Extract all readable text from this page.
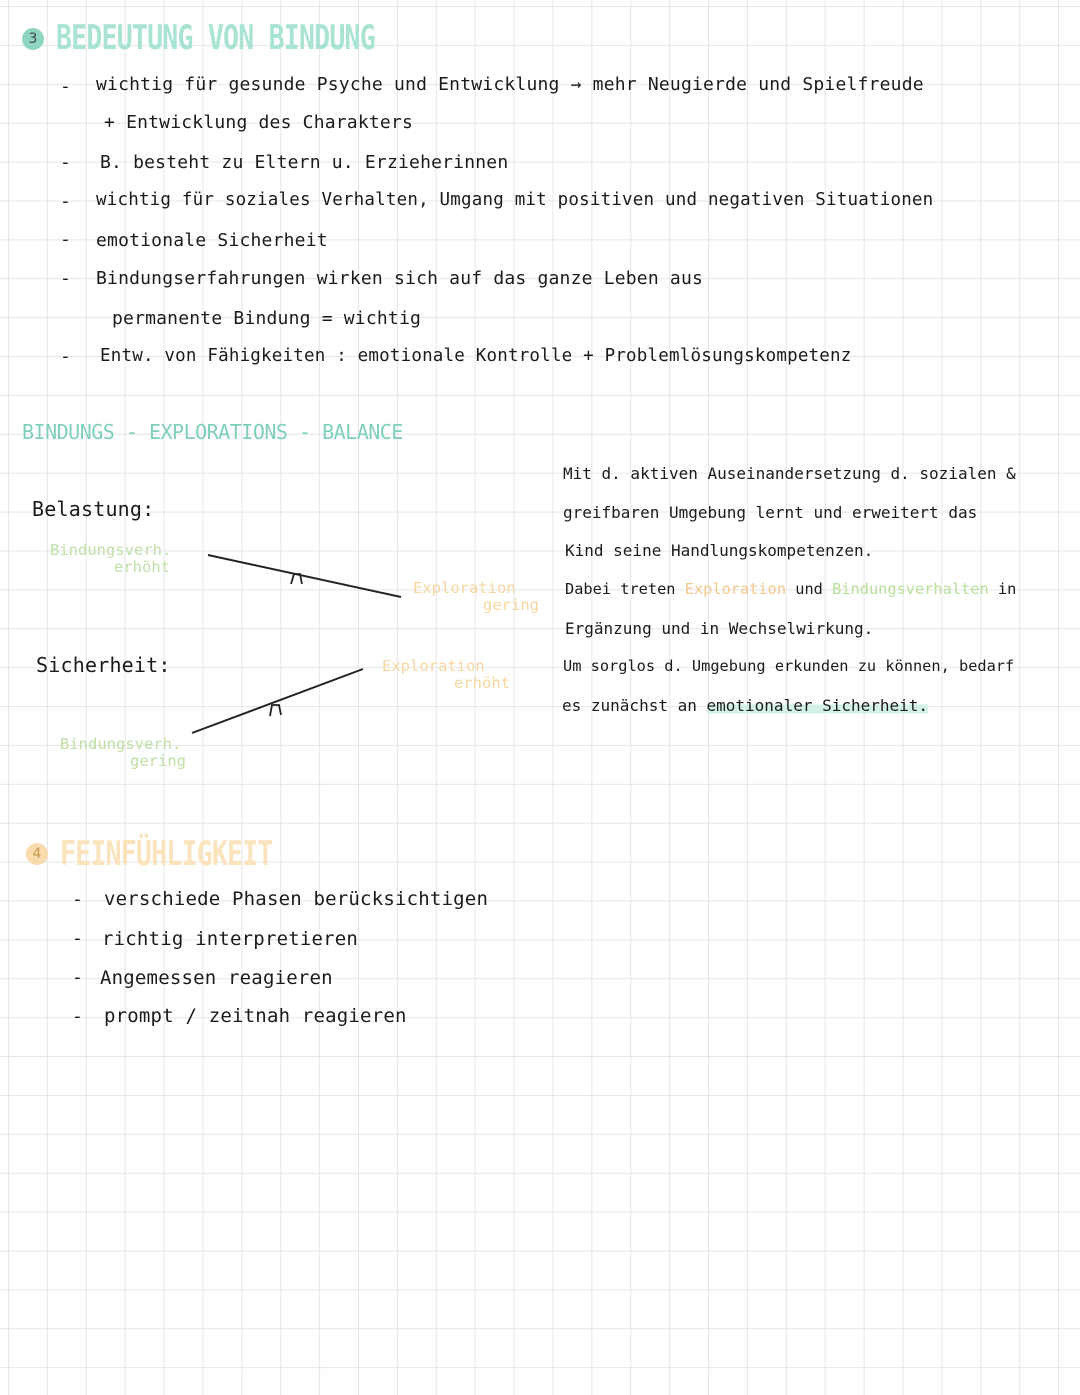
3 BEDEUTUNG VON BINDUNG
- wichtig für gesunde Psyche und Entwicklung → mehr Neugierde und Spielfreude
+ Entwicklung des Charakters
- B. besteht zu Eltern u. Erzieherinnen
- wichtig für soziales Verhalten, Umgang mit positiven und negativen Situationen
- emotionale Sicherheit
- Bindungserfahrungen wirken sich auf das ganze Leben aus
permanente Bindung = wichtig
- Entw. von Fähigkeiten : emotionale Kontrolle + Problemlösungskompetenz
BINDUNGS - EXPLORATIONS - BALANCE
Belastung:
Bindungsverh.
erhöht
Exploration
gering
Sicherheit:	Exploration
erhöht
Bindungsverh.
gering
Mit d. aktiven Auseinandersetzung d. sozialen &
greifbaren Umgebung lernt und erweitert das
Kind seine Handlungskompetenzen.
Dabei treten Exploration und Bindungsverhalten in
Ergänzung und in Wechselwirkung.
Um sorglos d. Umgebung erkunden zu können, bedarf
es zunächst an emotionaler Sicherheit.
4 FEINFÜHLIGKEIT
- verschiede Phasen berücksichtigen
- richtig interpretieren
- Angemessen reagieren
- prompt / zeitnah reagieren
